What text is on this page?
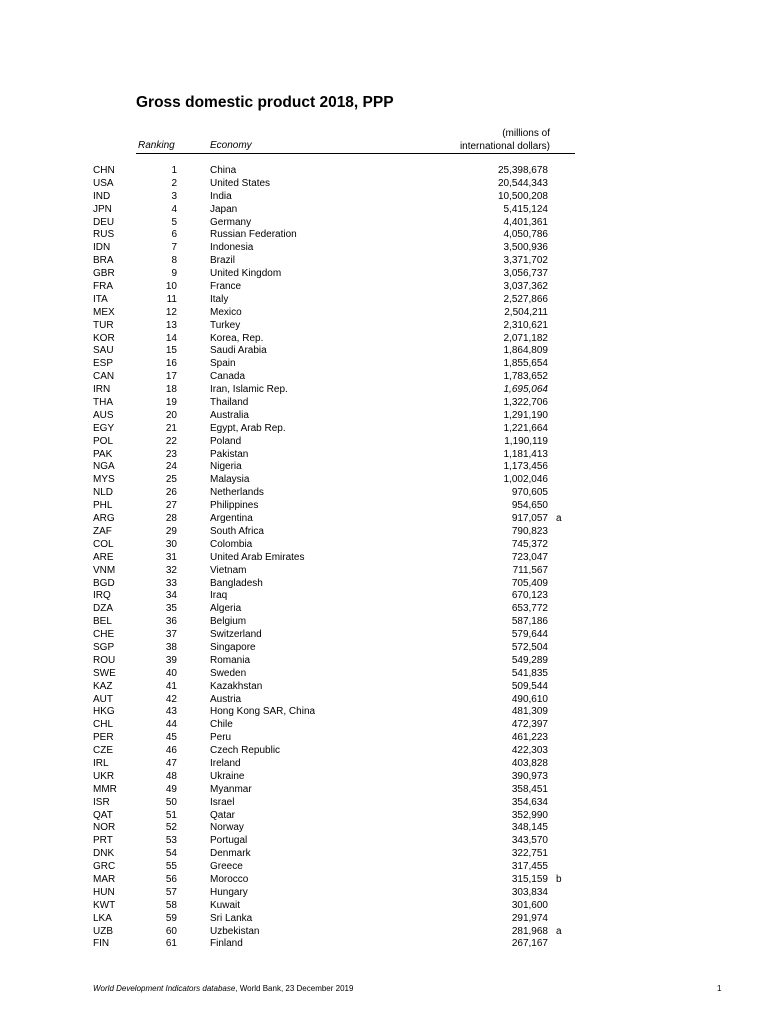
Gross domestic product 2018, PPP
Ranking	Economy
(millions of
international dollars)
CHN	1	China	25,398,678
USA	2	United States	20,544,343
IND	3	India	10,500,208
JPN	4	Japan	5,415,124
DEU	5	Germany	4,401,361
RUS	6	Russian Federation	4,050,786
IDN	7	Indonesia	3,500,936
BRA	8	Brazil	3,371,702
GBR	9	United Kingdom	3,056,737
FRA	10	France	3,037,362
ITA	11	Italy	2,527,866
MEX	12	Mexico	2,504,211
TUR	13	Turkey	2,310,621
KOR	14	Korea, Rep.	2,071,182
SAU	15	Saudi Arabia	1,864,809
ESP	16	Spain	1,855,654
CAN	17	Canada	1,783,652
IRN	18	Iran, Islamic Rep.	1,695,064
THA	19	Thailand	1,322,706
AUS	20	Australia	1,291,190
EGY	21	Egypt, Arab Rep.	1,221,664
POL	22	Poland	1,190,119
PAK	23	Pakistan	1,181,413
NGA	24	Nigeria	1,173,456
MYS	25	Malaysia	1,002,046
NLD	26	Netherlands	970,605
PHL	27	Philippines	954,650
ARG	28	Argentina	917,057 a
ZAF	29	South Africa	790,823
COL	30	Colombia	745,372
ARE	31	United Arab Emirates	723,047
VNM	32	Vietnam	711,567
BGD	33	Bangladesh	705,409
IRQ	34	Iraq	670,123
DZA	35	Algeria	653,772
BEL	36	Belgium	587,186
CHE	37	Switzerland	579,644
SGP	38	Singapore	572,504
ROU	39	Romania	549,289
SWE	40	Sweden	541,835
KAZ	41	Kazakhstan	509,544
AUT	42	Austria	490,610
HKG	43	Hong Kong SAR, China	481,309
CHL	44	Chile	472,397
PER	45	Peru	461,223
CZE	46	Czech Republic	422,303
IRL	47	Ireland	403,828
UKR	48	Ukraine	390,973
MMR	49	Myanmar	358,451
ISR	50	Israel	354,634
QAT	51	Qatar	352,990
NOR	52	Norway	348,145
PRT	53	Portugal	343,570
DNK	54	Denmark	322,751
GRC	55	Greece	317,455
MAR	56	Morocco	315,159 b
HUN	57	Hungary	303,834
KWT	58	Kuwait	301,600
LKA	59	Sri Lanka	291,974
UZB	60	Uzbekistan	281,968 a
FIN	61	Finland	267,167
World Development Indicators database, World Bank, 23 December 2019	1
